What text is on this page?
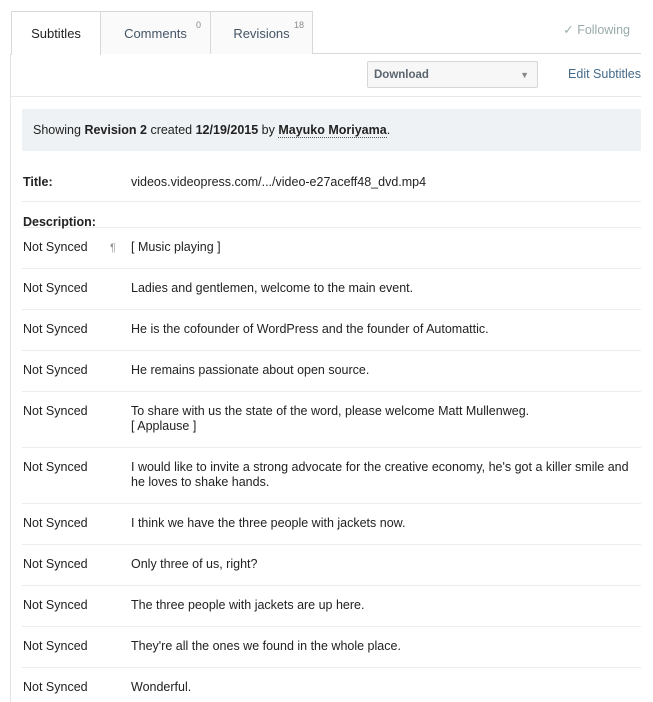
Subtitles	Comments
0
Revisions
18	✓ Following
Download	▼	Edit Subtitles
Showing Revision 2 created 12/19/2015 by Mayuko Moriyama .
Title:	videos.videopress.com/.../video-e27aceff48_dvd.mp4
Description:
Not Synced ¶ [ Music playing ]
Not Synced	Ladies and gentlemen, welcome to the main event.
Not Synced	He is the cofounder of WordPress and the founder of Automattic.
Not Synced	He remains passionate about open source.
Not Synced	To share with us the state of the word, please welcome Matt Mullenweg.
[ Applause ]
Not Synced	I would like to invite a strong advocate for the creative economy, he's got a killer smile and he loves to shake hands.
Not Synced	I think we have the three people with jackets now.
Not Synced	Only three of us, right?
Not Synced	The three people with jackets are up here.
Not Synced	They're all the ones we found in the whole place.
Not Synced	Wonderful.
